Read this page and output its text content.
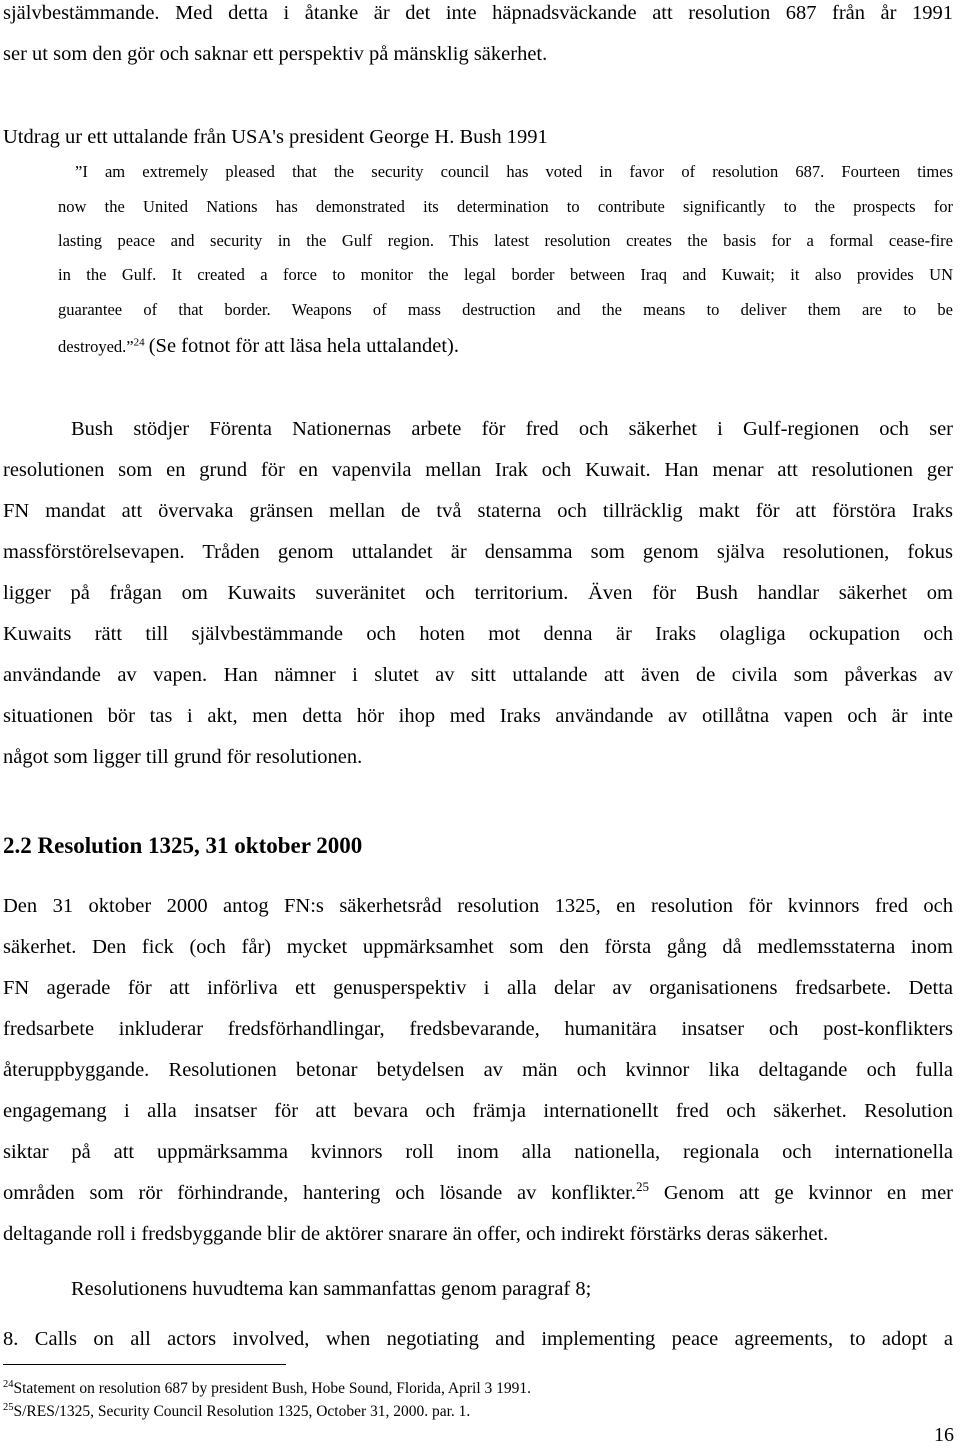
självbestämmande. Med detta i åtanke är det inte häpnadsväckande att resolution 687 från år 1991
ser ut som den gör och saknar ett perspektiv på mänsklig säkerhet.
Utdrag ur ett uttalande från USA's president George H. Bush 1991
”I am extremely pleased that the security council has voted in favor of resolution 687. Fourteen times
now the United Nations has demonstrated its determination to contribute significantly to the prospects for
lasting peace and security in the Gulf region. This latest resolution creates the basis for a formal cease-fire
in the Gulf. It created a force to monitor the legal border between Iraq and Kuwait; it also provides UN
guarantee of that border. Weapons of mass destruction and the means to deliver them are to be
destroyed.”$^{24}$ (Se fotnot för att läsa hela uttalandet).
Bush stödjer Förenta Nationernas arbete för fred och säkerhet i Gulf-regionen och ser
resolutionen som en grund för en vapenvila mellan Irak och Kuwait. Han menar att resolutionen ger
FN mandat att övervaka gränsen mellan de två staterna och tillräcklig makt för att förstöra Iraks
massförstörelsevapen. Tråden genom uttalandet är densamma som genom själva resolutionen, fokus
ligger på frågan om Kuwaits suveränitet och territorium. Även för Bush handlar säkerhet om
Kuwaits rätt till självbestämmande och hoten mot denna är Iraks olagliga ockupation och
användande av vapen. Han nämner i slutet av sitt uttalande att även de civila som påverkas av
situationen bör tas i akt, men detta hör ihop med Iraks användande av otillåtna vapen och är inte
något som ligger till grund för resolutionen.
2.2 Resolution 1325, 31 oktober 2000
Den 31 oktober 2000 antog FN:s säkerhetsråd resolution 1325, en resolution för kvinnors fred och
säkerhet. Den fick (och får) mycket uppmärksamhet som den första gång då medlemsstaterna inom
FN agerade för att införliva ett genusperspektiv i alla delar av organisationens fredsarbete. Detta
fredsarbete inkluderar fredsförhandlingar, fredsbevarande, humanitära insatser och post-konflikters
återuppbyggande. Resolutionen betonar betydelsen av män och kvinnor lika deltagande och fulla
engagemang i alla insatser för att bevara och främja internationellt fred och säkerhet. Resolution
siktar på att uppmärksamma kvinnors roll inom alla nationella, regionala och internationella
områden som rör förhindrande, hantering och lösande av konflikter.$^{25}$ Genom att ge kvinnor en mer
deltagande roll i fredsbyggande blir de aktörer snarare än offer, och indirekt förstärks deras säkerhet.
Resolutionens huvudtema kan sammanfattas genom paragraf 8;
8. Calls on all actors involved, when negotiating and implementing peace agreements, to adopt a
$^{24}$Statement on resolution 687 by president Bush, Hobe Sound, Florida, April 3 1991.
$^{25}$S/RES/1325, Security Council Resolution 1325, October 31, 2000. par. 1.
16
